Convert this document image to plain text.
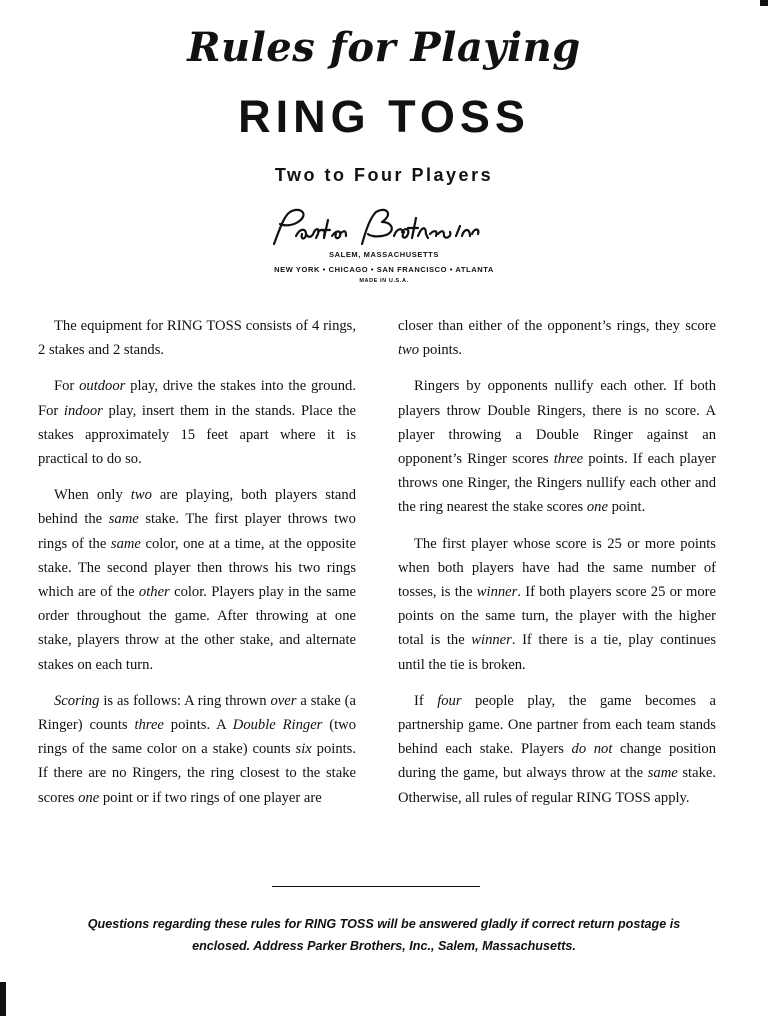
Rules for Playing
RING TOSS
Two to Four Players
SALEM, MASSACHUSETTS
NEW YORK • CHICAGO • SAN FRANCISCO • ATLANTA
MADE IN U.S.A.

The equipment for RING TOSS consists of 4 rings, 2 stakes and 2 stands.

For outdoor play, drive the stakes into the ground. For indoor play, insert them in the stands. Place the stakes approximately 15 feet apart where it is practical to do so.

When only two are playing, both players stand behind the same stake. The first player throws two rings of the same color, one at a time, at the opposite stake. The second player then throws his two rings which are of the other color. Players play in the same order throughout the game. After throwing at one stake, players throw at the other stake, and alternate stakes on each turn.

Scoring is as follows: A ring thrown over a stake (a Ringer) counts three points. A Double Ringer (two rings of the same color on a stake) counts six points. If there are no Ringers, the ring closest to the stake scores one point or if two rings of one player are

closer than either of the opponent’s rings, they score two points.

Ringers by opponents nullify each other. If both players throw Double Ringers, there is no score. A player throwing a Double Ringer against an opponent’s Ringer scores three points. If each player throws one Ringer, the Ringers nullify each other and the ring nearest the stake scores one point.

The first player whose score is 25 or more points when both players have had the same number of tosses, is the winner. If both players score 25 or more points on the same turn, the player with the higher total is the winner. If there is a tie, play continues until the tie is broken.

If four people play, the game becomes a partnership game. One partner from each team stands behind each stake. Players do not change position during the game, but always throw at the same stake. Otherwise, all rules of regular RING TOSS apply.

Questions regarding these rules for RING TOSS will be answered gladly if correct return postage is
enclosed. Address Parker Brothers, Inc., Salem, Massachusetts.
